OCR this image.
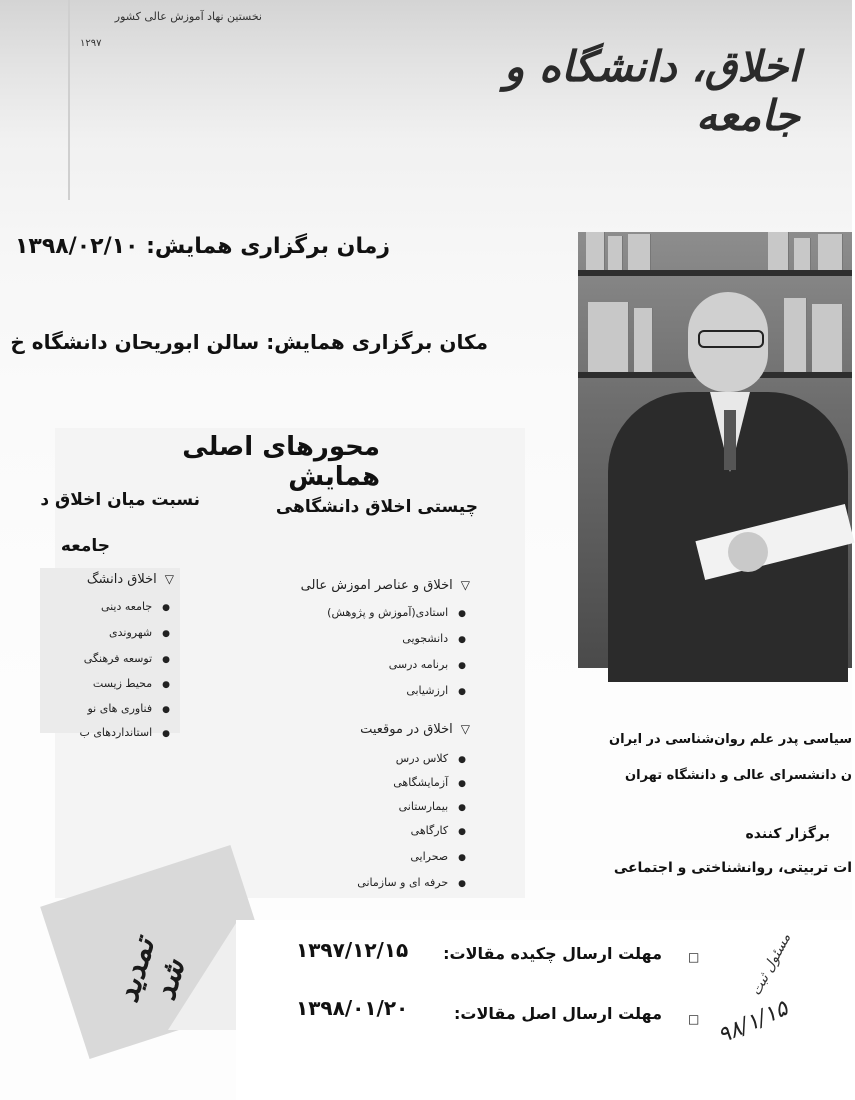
نخستین نهاد آموزش عالی کشور
۱۲۹۷	اخلاق، دانشگاه و جامعه
زمان برگزاری همایش: ۱۳۹۸/۰۲/۱۰
مکان برگزاری همایش: سالن ابوریحان دانشگاه خ
محورهای اصلی همایش
چیستی اخلاق دانشگاهی
نسبت میان اخلاق ‌د
جامعه
▽اخلاق و عناصر اموزش عالی
●استادی(آموزش و پژوهش)
●دانشجویی
●برنامه درسی
●ارزشیابی
▽اخلاق در موقعیت
●کلاس درس
●آزمایشگاهی
●بیمارستانی
●کارگاهی
●صحرایی
●حرفه ای و سازمانی
▽اخلاق دانشگ
●جامعه دینی
●شهروندی
●توسعه فرهنگی
●محیط زیست
●فناوری های نو
●استانداردهای ب	سیاسی پدر علم روان‌شناسی در ایران
ن دانشسرای عالی و دانشگاه تهران
برگزار کننده
ات تربیتی، روانشناختی و اجتماعی
□
مهلت ارسال چکیده مقالات:
۱۳۹۷/۱۲/۱۵
□
مهلت ارسال اصل مقالات:
۱۳۹۸/۰۱/۲۰
تمدید شد	مسئول ثبت
۹۸/۱/۱۵
